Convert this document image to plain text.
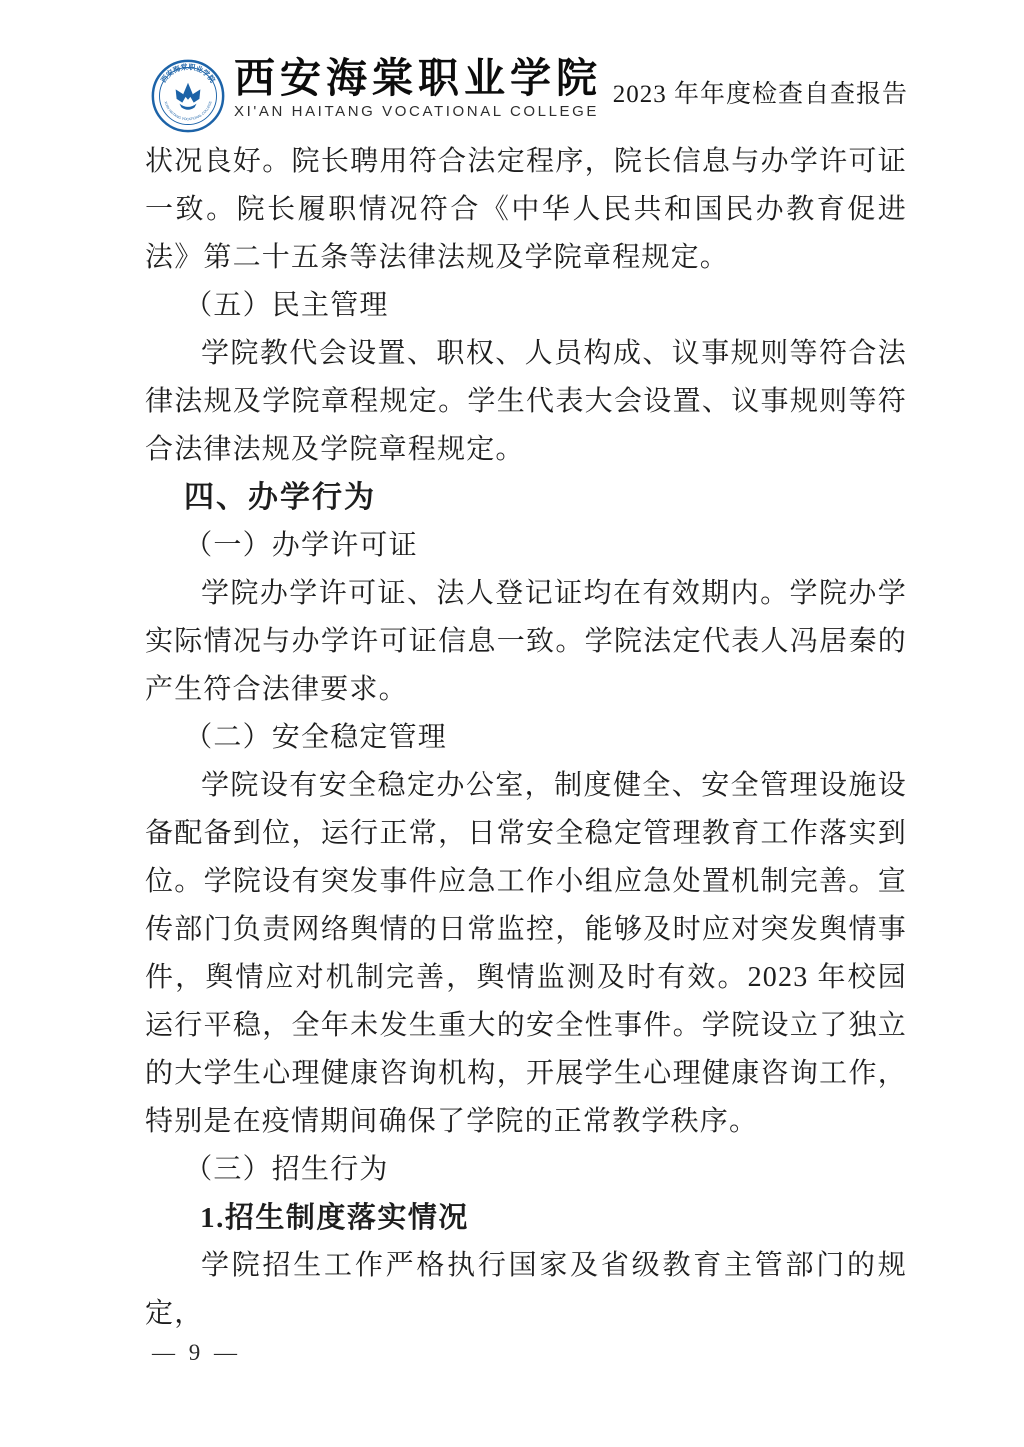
西安海棠职业学院
XI'AN HAITANG VOCATIONAL COLLEGE
西安海棠职业学院
XI'AN HAITANG VOCATIONAL COLLEGE
2023 年年度检查自查报告
状况良好。院长聘用符合法定程序，院长信息与办学许可证一致。院长履职情况符合《中华人民共和国民办教育促进法》第二十五条等法律法规及学院章程规定。
（五）民主管理
学院教代会设置、职权、人员构成、议事规则等符合法律法规及学院章程规定。学生代表大会设置、议事规则等符合法律法规及学院章程规定。
四、办学行为
（一）办学许可证
学院办学许可证、法人登记证均在有效期内。学院办学实际情况与办学许可证信息一致。学院法定代表人冯居秦的产生符合法律要求。
（二）安全稳定管理
学院设有安全稳定办公室，制度健全、安全管理设施设备配备到位，运行正常，日常安全稳定管理教育工作落实到位。学院设有突发事件应急工作小组应急处置机制完善。宣传部门负责网络舆情的日常监控，能够及时应对突发舆情事件，舆情应对机制完善，舆情监测及时有效。2023 年校园运行平稳，全年未发生重大的安全性事件。学院设立了独立的大学生心理健康咨询机构，开展学生心理健康咨询工作，特别是在疫情期间确保了学院的正常教学秩序。
（三）招生行为
1.招生制度落实情况
学院招生工作严格执行国家及省级教育主管部门的规定，
— 9 —
